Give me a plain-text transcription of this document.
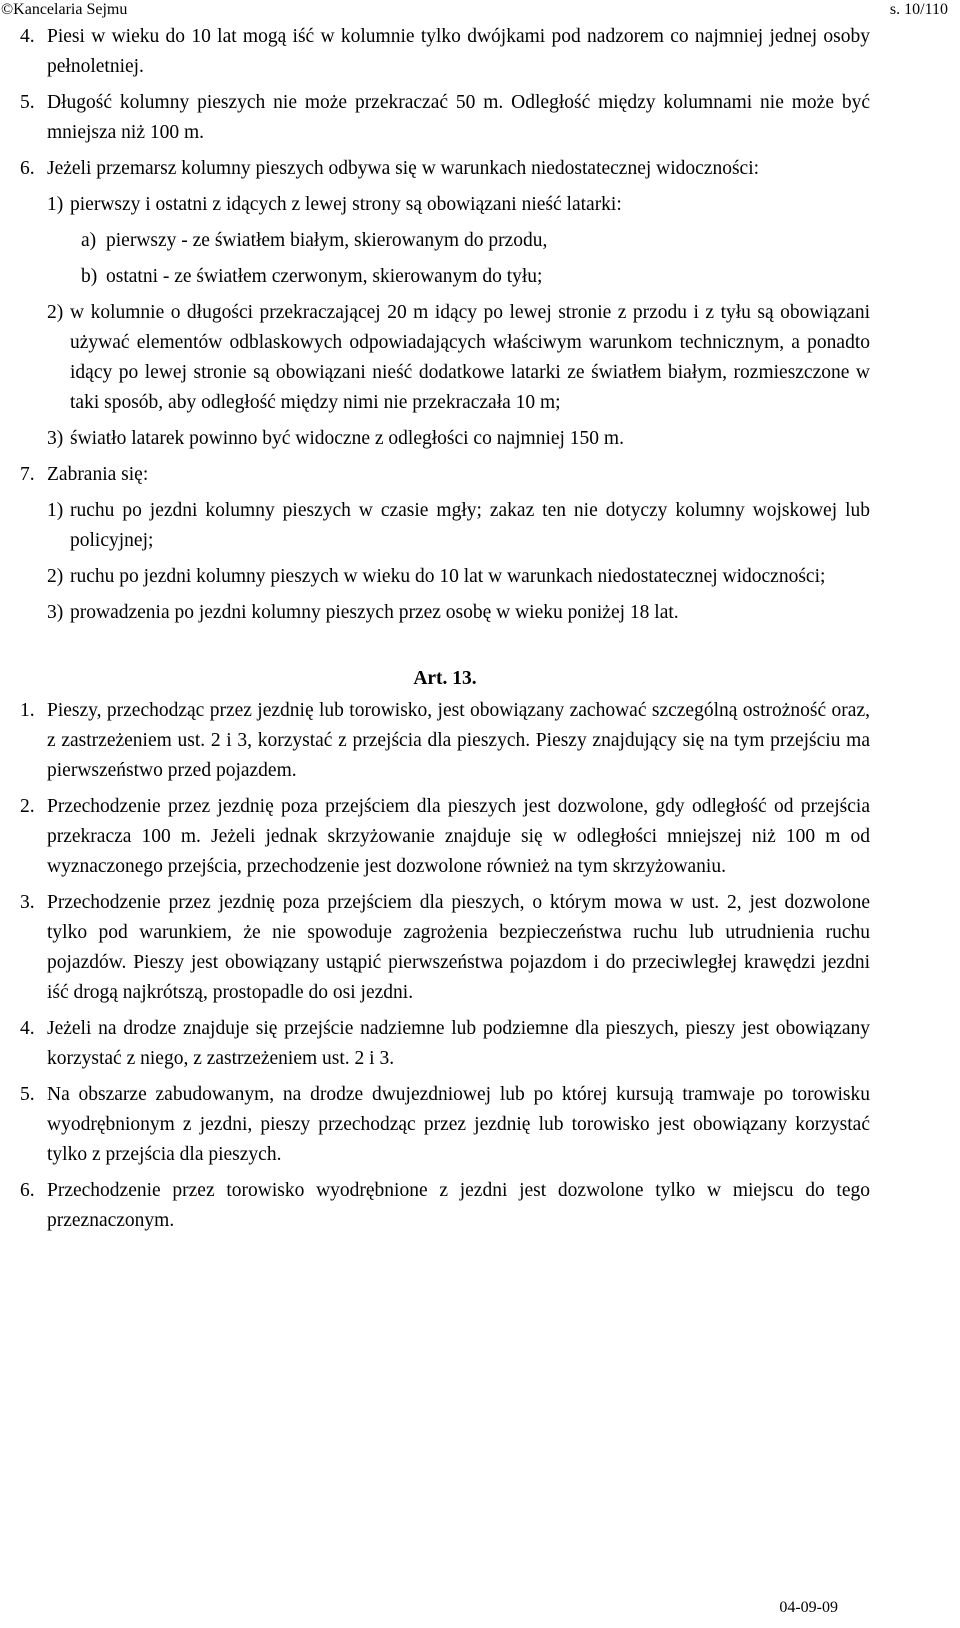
©Kancelaria Sejmu	s. 10/110
4. Piesi w wieku do 10 lat mogą iść w kolumnie tylko dwójkami pod nadzorem co najmniej jednej osoby pełnoletniej.
5. Długość kolumny pieszych nie może przekraczać 50 m. Odległość między kolumnami nie może być mniejsza niż 100 m.
6. Jeżeli przemarsz kolumny pieszych odbywa się w warunkach niedostatecznej widoczności:
1) pierwszy i ostatni z idących z lewej strony są obowiązani nieść latarki:
a) pierwszy - ze światłem białym, skierowanym do przodu,
b) ostatni - ze światłem czerwonym, skierowanym do tyłu;
2) w kolumnie o długości przekraczającej 20 m idący po lewej stronie z przodu i z tyłu są obowiązani używać elementów odblaskowych odpowiadających właściwym warunkom technicznym, a ponadto idący po lewej stronie są obowiązani nieść dodatkowe latarki ze światłem białym, rozmieszczone w taki sposób, aby odległość między nimi nie przekraczała 10 m;
3) światło latarek powinno być widoczne z odległości co najmniej 150 m.
7. Zabrania się:
1) ruchu po jezdni kolumny pieszych w czasie mgły; zakaz ten nie dotyczy kolumny wojskowej lub policyjnej;
2) ruchu po jezdni kolumny pieszych w wieku do 10 lat w warunkach niedostatecznej widoczności;
3) prowadzenia po jezdni kolumny pieszych przez osobę w wieku poniżej 18 lat.
Art. 13.
1. Pieszy, przechodząc przez jezdnię lub torowisko, jest obowiązany zachować szczególną ostrożność oraz, z zastrzeżeniem ust. 2 i 3, korzystać z przejścia dla pieszych. Pieszy znajdujący się na tym przejściu ma pierwszeństwo przed pojazdem.
2. Przechodzenie przez jezdnię poza przejściem dla pieszych jest dozwolone, gdy odległość od przejścia przekracza 100 m. Jeżeli jednak skrzyżowanie znajduje się w odległości mniejszej niż 100 m od wyznaczonego przejścia, przechodzenie jest dozwolone również na tym skrzyżowaniu.
3. Przechodzenie przez jezdnię poza przejściem dla pieszych, o którym mowa w ust. 2, jest dozwolone tylko pod warunkiem, że nie spowoduje zagrożenia bezpieczeństwa ruchu lub utrudnienia ruchu pojazdów. Pieszy jest obowiązany ustąpić pierwszeństwa pojazdom i do przeciwległej krawędzi jezdni iść drogą najkrótszą, prostopadle do osi jezdni.
4. Jeżeli na drodze znajduje się przejście nadziemne lub podziemne dla pieszych, pieszy jest obowiązany korzystać z niego, z zastrzeżeniem ust. 2 i 3.
5. Na obszarze zabudowanym, na drodze dwujezdniowej lub po której kursują tramwaje po torowisku wyodrębnionym z jezdni, pieszy przechodząc przez jezdnię lub torowisko jest obowiązany korzystać tylko z przejścia dla pieszych.
6. Przechodzenie przez torowisko wyodrębnione z jezdni jest dozwolone tylko w miejscu do tego przeznaczonym.
04-09-09
